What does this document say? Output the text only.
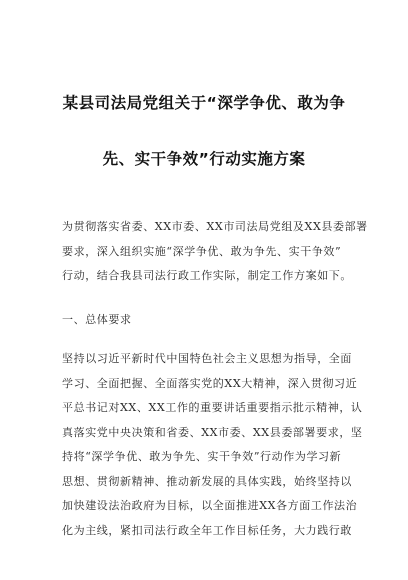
某县司法局党组关于“深学争优、敢为争
先、实干争效”行动实施方案
为贯彻落实省委、XX市委、XX市司法局党组及XX县委部署
要求，深入组织实施“深学争优、敢为争先、实干争效”
行动，结合我县司法行政工作实际，制定工作方案如下。
一、总体要求
坚持以习近平新时代中国特色社会主义思想为指导，全面
学习、全面把握、全面落实党的XX大精神，深入贯彻习近
平总书记对XX、XX工作的重要讲话重要指示批示精神，认
真落实党中央决策和省委、XX市委、XX县委部署要求，坚
持将“深学争优、敢为争先、实干争效”行动作为学习新
思想、贯彻新精神、推动新发展的具体实践，始终坚持以
加快建设法治政府为目标，以全面推进XX各方面工作法治
化为主线，紧扣司法行政全年工作目标任务，大力践行敢
